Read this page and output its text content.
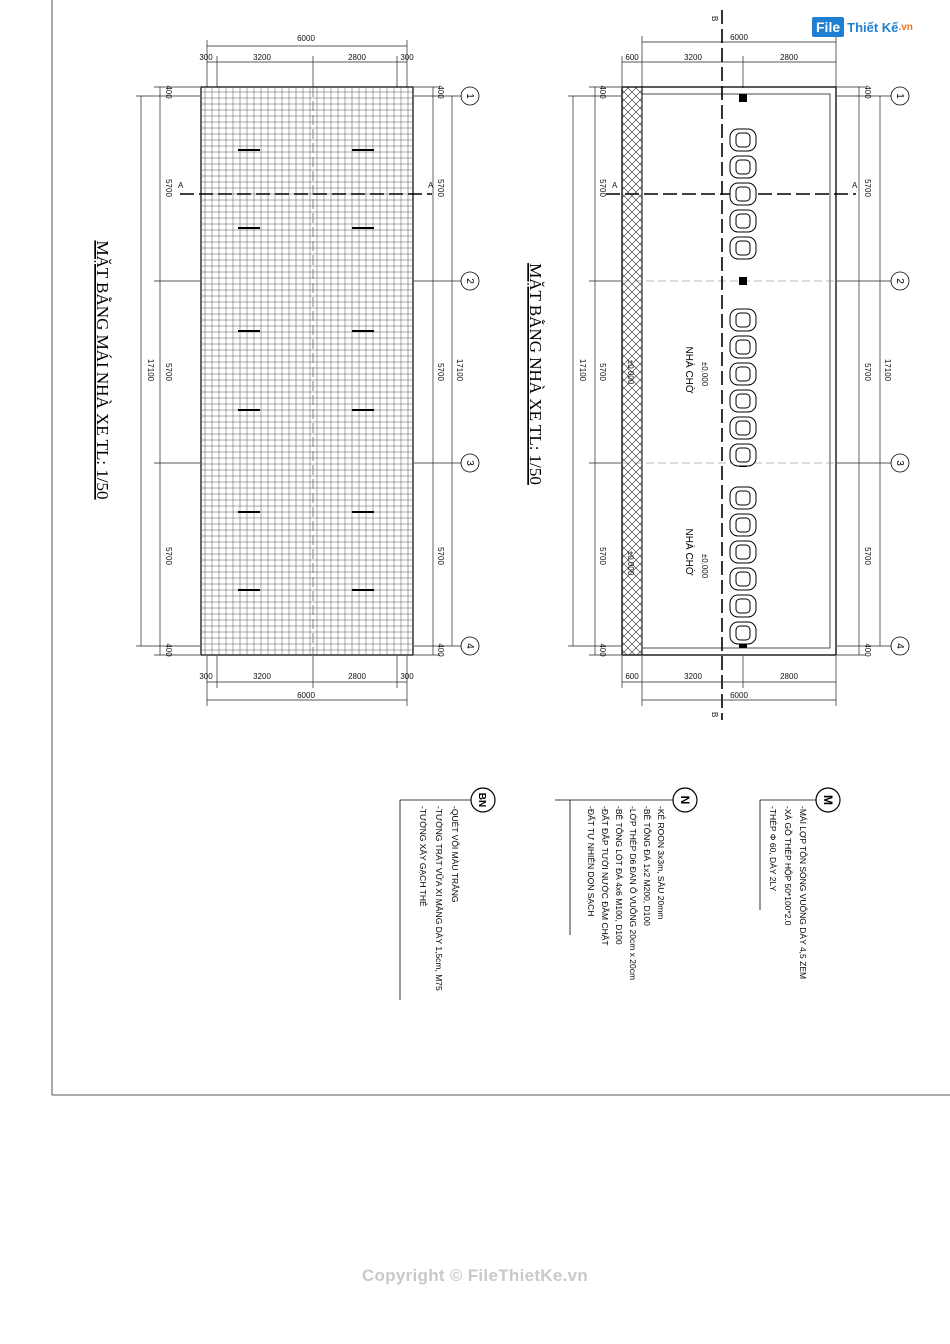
6000
300	3200	2800	300
A	A
17100
400
5700
5700
5700
400
400
5700
5700
5700
400
17100
1
2
3
4
300	3200	2800	300
6000
MẶT BẰNG MÁI NHÀ XE TL: 1/50
6000
600	3200	2800
B
B
A	A
NHÀ CHỜ
NHÀ CHỜ
±0.000
±0.000
±0.000
±0.000
17100
400
5700
5700
5700
400
400
5700
5700
5700
400
17100
1
2
3
4
600	3200	2800
6000
MẶT BẰNG NHÀ XE TL: 1/50
M
-MÁI LỢP TÔN SÓNG VUÔNG DÀY 4,5 ZEM
-XÀ GỒ THÉP HỘP 50*100*2.0
-THÉP Φ 60, DÀY 2LY
N
-KẺ ROON 3x3m, SÂU 20mm
-BÊ TÔNG ĐÁ 1x2 M200, D100
-LỚP THÉP D6 ĐAN Ô VUÔNG 20cm x 20cm
-BÊ TÔNG LÓT ĐÁ 4x6 M100, D100
-ĐẤT ĐẮP TƯỚI NƯỚC ĐẦM CHẶT
-ĐẤT TỰ NHIÊN DỌN SẠCH
BN
-QUÉT VÔI MÀU TRẮNG
-TƯỜNG TRÁT VỮA XI MĂNG DÀY 1,5cm, M75
-TƯỜNG XÂY GẠCH THẺ
File Thiết Kế .vn
Copyright © FileThietKe.vn
